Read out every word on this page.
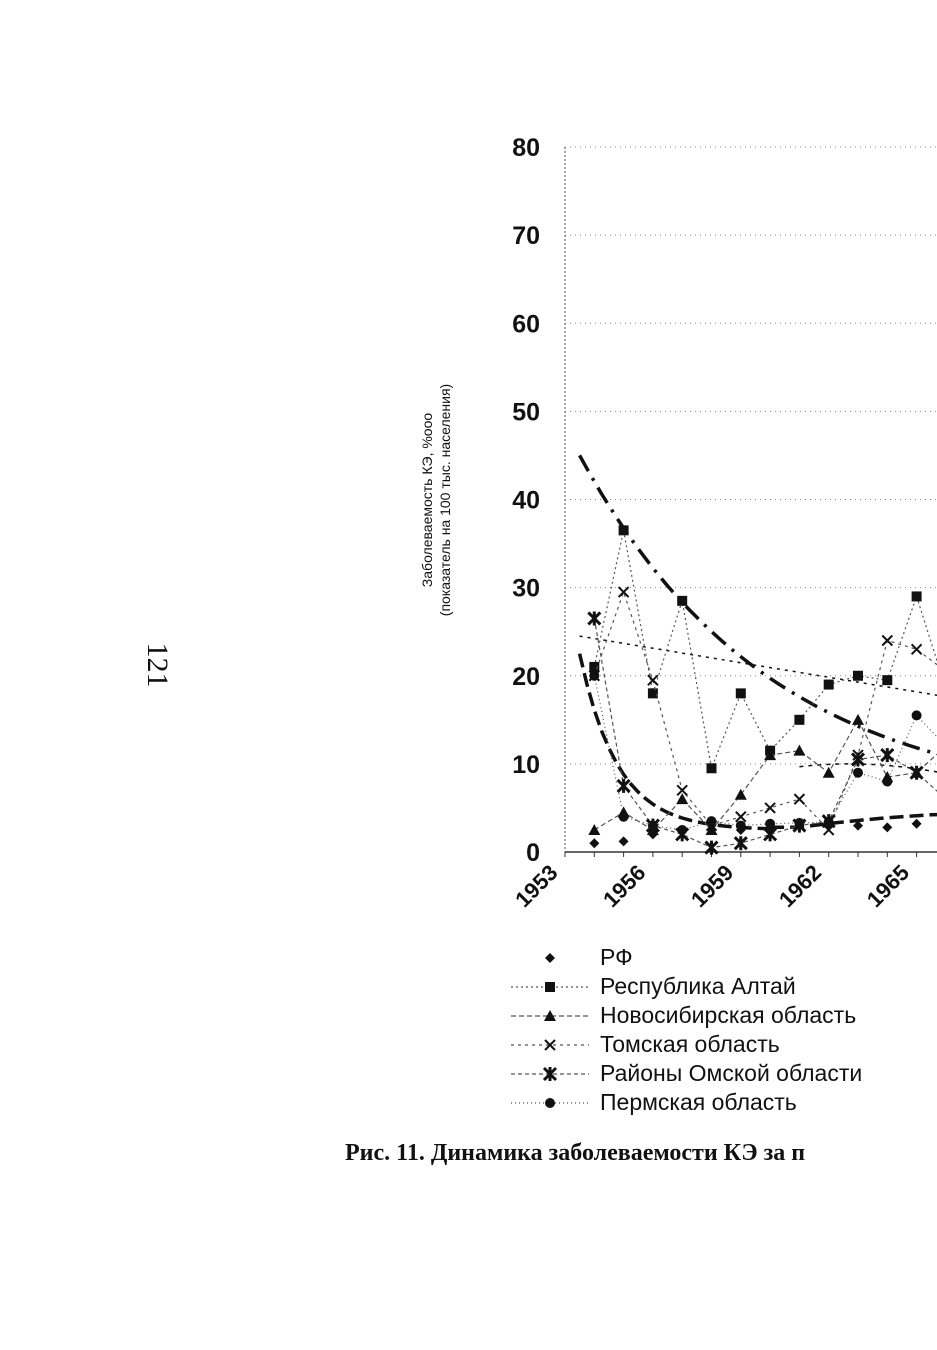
121
Заболеваемость КЭ, %ooo (показатель на 100 тыс. населения)
0
10
20
30
40
50
60
70
80
1953 1956 1959 1962 1965
РФ
Республика Алтай
Новосибирская область
Томская область
Районы Омской области
Пермская область
Рис. 11. Динамика заболеваемости КЭ за п
